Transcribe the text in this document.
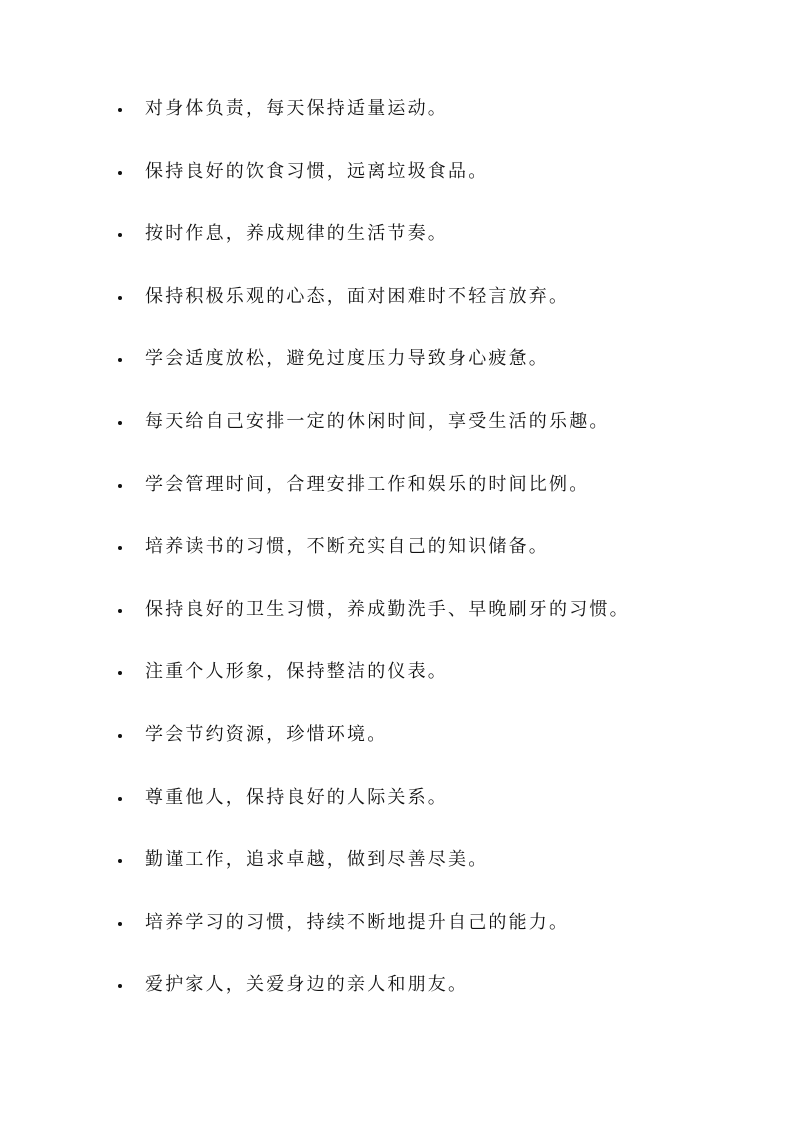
对身体负责，每天保持适量运动。
保持良好的饮食习惯，远离垃圾食品。
按时作息，养成规律的生活节奏。
保持积极乐观的心态，面对困难时不轻言放弃。
学会适度放松，避免过度压力导致身心疲惫。
每天给自己安排一定的休闲时间，享受生活的乐趣。
学会管理时间，合理安排工作和娱乐的时间比例。
培养读书的习惯，不断充实自己的知识储备。
保持良好的卫生习惯，养成勤洗手、早晚刷牙的习惯。
注重个人形象，保持整洁的仪表。
学会节约资源，珍惜环境。
尊重他人，保持良好的人际关系。
勤谨工作，追求卓越，做到尽善尽美。
培养学习的习惯，持续不断地提升自己的能力。
爱护家人，关爱身边的亲人和朋友。
